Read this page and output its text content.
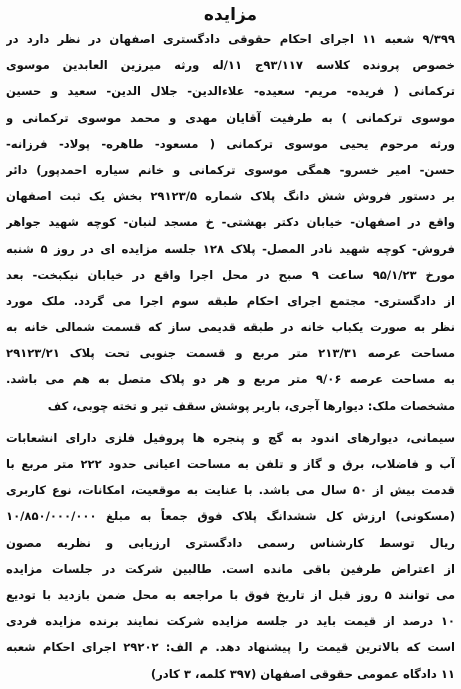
مزایده
۹/۳۹۹ شعبه ۱۱ اجرای احکام حقوقی دادگستری اصفهان در نظر دارد در
خصوص پرونده کلاسه ۹۳/۱۱۷ج ۱۱/له ورثه میرزین العابدین موسوی
ترکمانی ( فریده- مریم- سعیده- علاءالدین- جلال الدین- سعید و حسین
موسوی ترکمانی ) به طرفیت آقایان مهدی و محمد موسوی ترکمانی و
ورثه مرحوم یحیی موسوی ترکمانی ( مسعود- طاهره- پولاد- فرزانه-
حسن- امیر خسرو- همگی موسوی ترکمانی و خانم سیاره احمدپور) دائر
بر دستور فروش شش دانگ پلاک شماره ۲۹۱۲۳/۵ بخش یک ثبت اصفهان
واقع در اصفهان- خیابان دکتر بهشتی- خ مسجد لنبان- کوچه شهید جواهر
فروش- کوچه شهید نادر المصل- پلاک ۱۲۸ جلسه مزایده ای در روز ۵ شنبه
مورخ ۹۵/۱/۲۳ ساعت ۹ صبح در محل اجرا واقع در خیابان نیکبخت- بعد
از دادگستری- مجتمع اجرای احکام طبقه سوم اجرا می گردد. ملک مورد
نظر به صورت یکباب خانه در طبقه قدیمی ساز که قسمت شمالی خانه به
مساحت عرصه ۲۱۳/۳۱ متر مربع و قسمت جنوبی تحت پلاک ۲۹۱۲۳/۲۱
به مساحت عرصه ۹/۰۶ متر مربع و هر دو پلاک متصل به هم می باشد.
مشخصات ملک: دیوارها آجری، باربر پوشش سقف تیر و تخته چوبی، کف
سیمانی، دیوارهای اندود به گچ و پنجره ها پروفیل فلزی دارای انشعابات
آب و فاضلاب، برق و گاز و تلفن به مساحت اعیانی حدود ۲۲۲ متر مربع با
قدمت بیش از ۵۰ سال می باشد. با عنایت به موقعیت، امکانات، نوع کاربری
(مسکونی) ارزش کل ششدانگ پلاک فوق جمعاً به مبلغ ۱۰/۸۵۰/۰۰۰/۰۰۰
ریال توسط کارشناس رسمی دادگستری ارزیابی و نظریه مصون
از اعتراض طرفین باقی مانده است. طالبین شرکت در جلسات مزایده
می توانند ۵ روز قبل از تاریخ فوق با مراجعه به محل ضمن بازدید با تودیع
۱۰ درصد از قیمت باید در جلسه مزایده شرکت نمایند برنده مزایده فردی
است که بالاترین قیمت را پیشنهاد دهد. م الف: ۲۹۲۰۲ اجرای احکام شعبه
۱۱ دادگاه عمومی حقوقی اصفهان (۳۹۷ کلمه، ۳ کادر)
